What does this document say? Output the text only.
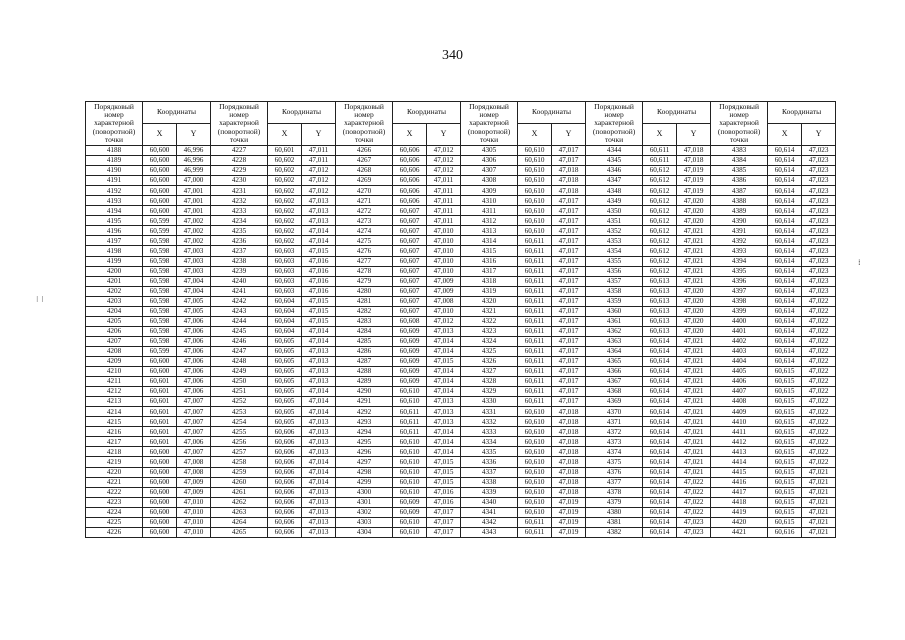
340
⁝ ⁝
⁞
Порядковый номер характерной (поворотной) точки	Координаты		Порядковый номер характерной (поворотной) точки	Координаты		Порядковый номер характерной (поворотной) точки	Координаты		Порядковый номер характерной (поворотной) точки	Координаты		Порядковый номер характерной (поворотной) точки	Координаты		Порядковый номер характерной (поворотной) точки	Координаты	
	X	Y		X	Y		X	Y		X	Y		X	Y		X	Y
4188	60,600	46,996	4227	60,601	47,011	4266	60,606	47,012	4305	60,610	47,017	4344	60,611	47,018	4383	60,614	47,023
4189	60,600	46,996	4228	60,602	47,011	4267	60,606	47,012	4306	60,610	47,017	4345	60,611	47,018	4384	60,614	47,023
4190	60,600	46,999	4229	60,602	47,012	4268	60,606	47,012	4307	60,610	47,018	4346	60,612	47,019	4385	60,614	47,023
4191	60,600	47,000	4230	60,602	47,012	4269	60,606	47,011	4308	60,610	47,018	4347	60,612	47,019	4386	60,614	47,023
4192	60,600	47,001	4231	60,602	47,012	4270	60,606	47,011	4309	60,610	47,018	4348	60,612	47,019	4387	60,614	47,023
4193	60,600	47,001	4232	60,602	47,013	4271	60,606	47,011	4310	60,610	47,017	4349	60,612	47,020	4388	60,614	47,023
4194	60,600	47,001	4233	60,602	47,013	4272	60,607	47,011	4311	60,610	47,017	4350	60,612	47,020	4389	60,614	47,023
4195	60,599	47,002	4234	60,602	47,013	4273	60,607	47,011	4312	60,610	47,017	4351	60,612	47,020	4390	60,614	47,023
4196	60,599	47,002	4235	60,602	47,014	4274	60,607	47,010	4313	60,610	47,017	4352	60,612	47,021	4391	60,614	47,023
4197	60,598	47,002	4236	60,602	47,014	4275	60,607	47,010	4314	60,611	47,017	4353	60,612	47,021	4392	60,614	47,023
4198	60,598	47,003	4237	60,603	47,015	4276	60,607	47,010	4315	60,611	47,017	4354	60,612	47,021	4393	60,614	47,023
4199	60,598	47,003	4238	60,603	47,016	4277	60,607	47,010	4316	60,611	47,017	4355	60,612	47,021	4394	60,614	47,023
4200	60,598	47,003	4239	60,603	47,016	4278	60,607	47,010	4317	60,611	47,017	4356	60,612	47,021	4395	60,614	47,023
4201	60,598	47,004	4240	60,603	47,016	4279	60,607	47,009	4318	60,611	47,017	4357	60,613	47,021	4396	60,614	47,023
4202	60,598	47,004	4241	60,603	47,016	4280	60,607	47,009	4319	60,611	47,017	4358	60,613	47,020	4397	60,614	47,023
4203	60,598	47,005	4242	60,604	47,015	4281	60,607	47,008	4320	60,611	47,017	4359	60,613	47,020	4398	60,614	47,022
4204	60,598	47,005	4243	60,604	47,015	4282	60,607	47,010	4321	60,611	47,017	4360	60,613	47,020	4399	60,614	47,022
4205	60,598	47,006	4244	60,604	47,015	4283	60,608	47,012	4322	60,611	47,017	4361	60,613	47,020	4400	60,614	47,022
4206	60,598	47,006	4245	60,604	47,014	4284	60,609	47,013	4323	60,611	47,017	4362	60,613	47,020	4401	60,614	47,022
4207	60,598	47,006	4246	60,605	47,014	4285	60,609	47,014	4324	60,611	47,017	4363	60,614	47,021	4402	60,614	47,022
4208	60,599	47,006	4247	60,605	47,013	4286	60,609	47,014	4325	60,611	47,017	4364	60,614	47,021	4403	60,614	47,022
4209	60,600	47,006	4248	60,605	47,013	4287	60,609	47,015	4326	60,611	47,017	4365	60,614	47,021	4404	60,614	47,022
4210	60,600	47,006	4249	60,605	47,013	4288	60,609	47,014	4327	60,611	47,017	4366	60,614	47,021	4405	60,615	47,022
4211	60,601	47,006	4250	60,605	47,013	4289	60,609	47,014	4328	60,611	47,017	4367	60,614	47,021	4406	60,615	47,022
4212	60,601	47,006	4251	60,605	47,014	4290	60,610	47,014	4329	60,611	47,017	4368	60,614	47,021	4407	60,615	47,022
4213	60,601	47,007	4252	60,605	47,014	4291	60,610	47,013	4330	60,611	47,017	4369	60,614	47,021	4408	60,615	47,022
4214	60,601	47,007	4253	60,605	47,014	4292	60,611	47,013	4331	60,610	47,018	4370	60,614	47,021	4409	60,615	47,022
4215	60,601	47,007	4254	60,605	47,013	4293	60,611	47,013	4332	60,610	47,018	4371	60,614	47,021	4410	60,615	47,022
4216	60,601	47,007	4255	60,606	47,013	4294	60,611	47,014	4333	60,610	47,018	4372	60,614	47,021	4411	60,615	47,022
4217	60,601	47,006	4256	60,606	47,013	4295	60,610	47,014	4334	60,610	47,018	4373	60,614	47,021	4412	60,615	47,022
4218	60,600	47,007	4257	60,606	47,013	4296	60,610	47,014	4335	60,610	47,018	4374	60,614	47,021	4413	60,615	47,022
4219	60,600	47,008	4258	60,606	47,014	4297	60,610	47,015	4336	60,610	47,018	4375	60,614	47,021	4414	60,615	47,022
4220	60,600	47,008	4259	60,606	47,014	4298	60,610	47,015	4337	60,610	47,018	4376	60,614	47,021	4415	60,615	47,021
4221	60,600	47,009	4260	60,606	47,014	4299	60,610	47,015	4338	60,610	47,018	4377	60,614	47,022	4416	60,615	47,021
4222	60,600	47,009	4261	60,606	47,013	4300	60,610	47,016	4339	60,610	47,018	4378	60,614	47,022	4417	60,615	47,021
4223	60,600	47,010	4262	60,606	47,013	4301	60,609	47,016	4340	60,610	47,019	4379	60,614	47,022	4418	60,615	47,021
4224	60,600	47,010	4263	60,606	47,013	4302	60,609	47,017	4341	60,610	47,019	4380	60,614	47,022	4419	60,615	47,021
4225	60,600	47,010	4264	60,606	47,013	4303	60,610	47,017	4342	60,611	47,019	4381	60,614	47,023	4420	60,615	47,021
4226	60,600	47,010	4265	60,606	47,013	4304	60,610	47,017	4343	60,611	47,019	4382	60,614	47,023	4421	60,616	47,021
